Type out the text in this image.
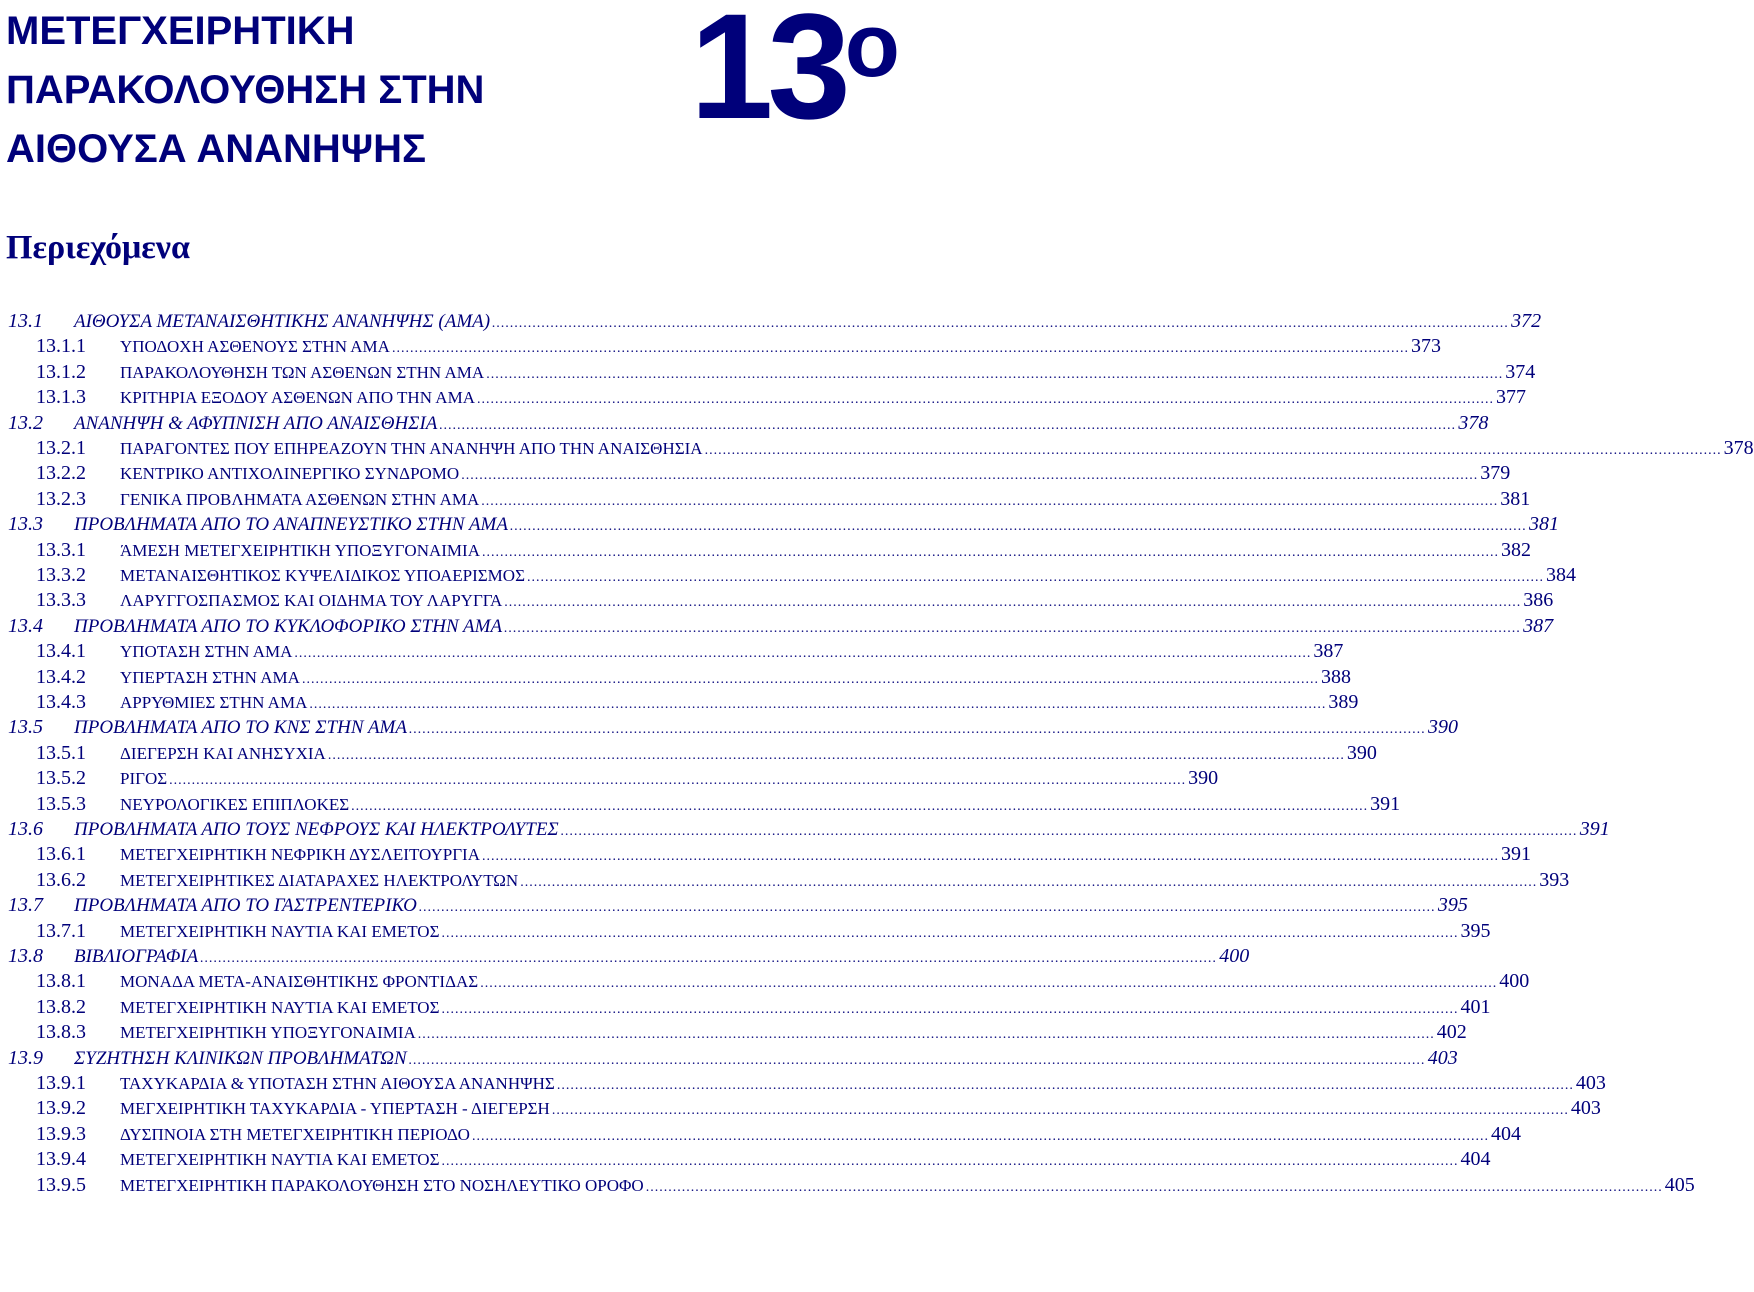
ΜΕΤΕΓΧΕΙΡΗΤΙΚΗ
ΠΑΡΑΚΟΛΟΥΘΗΣΗ ΣΤΗΝ
ΑΙΘΟΥΣΑ ΑΝΑΝΗΨΗΣ	$13^o$
Περιεχόμενα
13.1	ΑΙΘΟΥΣΑ ΜΕΤΑΝΑΙΣΘΗΤΙΚΗΣ ΑΝΑΝΗΨΗΣ (ΑΜΑ) .....	372
13.1.1	ΥΠΟΔΟΧΗ ΑΣΘΕΝΟΥΣ ΣΤΗΝ ΑΜΑ .....	373
13.1.2	ΠΑΡΑΚΟΛΟΥΘΗΣΗ ΤΩΝ ΑΣΘΕΝΩΝ ΣΤΗΝ ΑΜΑ .....	374
13.1.3	ΚΡΙΤΗΡΙΑ ΕΞΟΔΟΥ ΑΣΘΕΝΩΝ ΑΠΟ ΤΗΝ ΑΜΑ .....	377
13.2	ΑΝΑΝΗΨΗ & ΑΦΥΠΝΙΣΗ ΑΠΟ ΑΝΑΙΣΘΗΣΙΑ .....	378
13.2.1	ΠΑΡΑΓΟΝΤΕΣ ΠΟΥ ΕΠΗΡΕΑΖΟΥΝ ΤΗΝ ΑΝΑΝΗΨΗ ΑΠΟ ΤΗΝ ΑΝΑΙΣΘΗΣΙΑ .....	378
13.2.2	ΚΕΝΤΡΙΚΟ ΑΝΤΙΧΟΛΙΝΕΡΓΙΚΟ ΣΥΝΔΡΟΜΟ .....	379
13.2.3	ΓΕΝΙΚΑ ΠΡΟΒΛΗΜΑΤΑ ΑΣΘΕΝΩΝ ΣΤΗΝ ΑΜΑ .....	381
13.3	ΠΡΟΒΛΗΜΑΤΑ ΑΠΟ ΤΟ ΑΝΑΠΝΕΥΣΤΙΚΟ ΣΤΗΝ ΑΜΑ .....	381
13.3.1	ΆΜΕΣΗ ΜΕΤΕΓΧΕΙΡΗΤΙΚΗ ΥΠΟΞΥΓΟΝΑΙΜΙΑ .....	382
13.3.2	ΜΕΤΑΝΑΙΣΘΗΤΙΚΟΣ ΚΥΨΕΛΙΔΙΚΟΣ ΥΠΟΑΕΡΙΣΜΟΣ .....	384
13.3.3	ΛΑΡΥΓΓΟΣΠΑΣΜΟΣ ΚΑΙ ΟΙΔΗΜΑ ΤΟΥ ΛΑΡΥΓΓΑ .....	386
13.4	ΠΡΟΒΛΗΜΑΤΑ ΑΠΟ ΤΟ ΚΥΚΛΟΦΟΡΙΚΟ ΣΤΗΝ ΑΜΑ .....	387
13.4.1	ΥΠΟΤΑΣΗ ΣΤΗΝ ΑΜΑ .....	387
13.4.2	ΥΠΕΡΤΑΣΗ ΣΤΗΝ ΑΜΑ .....	388
13.4.3	ΑΡΡΥΘΜΙΕΣ ΣΤΗΝ ΑΜΑ .....	389
13.5	ΠΡΟΒΛΗΜΑΤΑ ΑΠΟ ΤΟ ΚΝΣ ΣΤΗΝ ΑΜΑ .....	390
13.5.1	ΔΙΕΓΕΡΣΗ ΚΑΙ ΑΝΗΣΥΧΙΑ .....	390
13.5.2	ΡΙΓΟΣ .....	390
13.5.3	ΝΕΥΡΟΛΟΓΙΚΕΣ ΕΠΙΠΛΟΚΕΣ .....	391
13.6	ΠΡΟΒΛΗΜΑΤΑ ΑΠΟ ΤΟΥΣ ΝΕΦΡΟΥΣ ΚΑΙ ΗΛΕΚΤΡΟΛΥΤΕΣ .....	391
13.6.1	ΜΕΤΕΓΧΕΙΡΗΤΙΚΗ ΝΕΦΡΙΚΗ ΔΥΣΛΕΙΤΟΥΡΓΙΑ .....	391
13.6.2	ΜΕΤΕΓΧΕΙΡΗΤΙΚΕΣ ΔΙΑΤΑΡΑΧΕΣ ΗΛΕΚΤΡΟΛΥΤΩΝ .....	393
13.7	ΠΡΟΒΛΗΜΑΤΑ ΑΠΟ ΤΟ ΓΑΣΤΡΕΝΤΕΡΙΚΟ .....	395
13.7.1	ΜΕΤΕΓΧΕΙΡΗΤΙΚΗ ΝΑΥΤΙΑ ΚΑΙ ΕΜΕΤΟΣ .....	395
13.8	ΒΙΒΛΙΟΓΡΑΦΙΑ .....	400
13.8.1	ΜΟΝΑΔΑ ΜΕΤΑ-ΑΝΑΙΣΘΗΤΙΚΗΣ ΦΡΟΝΤΙΔΑΣ .....	400
13.8.2	ΜΕΤΕΓΧΕΙΡΗΤΙΚΗ ΝΑΥΤΙΑ ΚΑΙ ΕΜΕΤΟΣ .....	401
13.8.3	ΜΕΤΕΓΧΕΙΡΗΤΙΚΗ ΥΠΟΞΥΓΟΝΑΙΜΙΑ .....	402
13.9	ΣΥΖΗΤΗΣΗ ΚΛΙΝΙΚΩΝ ΠΡΟΒΛΗΜΑΤΩΝ .....	403
13.9.1	ΤΑΧΥΚΑΡΔΙΑ & ΥΠΟΤΑΣΗ ΣΤΗΝ ΑΙΘΟΥΣΑ ΑΝΑΝΗΨΗΣ .....	403
13.9.2	ΜΕΓΧΕΙΡΗΤΙΚΗ ΤΑΧΥΚΑΡΔΙΑ - ΥΠΕΡΤΑΣΗ - ΔΙΕΓΕΡΣΗ .....	403
13.9.3	ΔΥΣΠΝΟΙΑ ΣΤΗ ΜΕΤΕΓΧΕΙΡΗΤΙΚΗ ΠΕΡΙΟΔΟ .....	404
13.9.4	ΜΕΤΕΓΧΕΙΡΗΤΙΚΗ ΝΑΥΤΙΑ ΚΑΙ ΕΜΕΤΟΣ .....	404
13.9.5	ΜΕΤΕΓΧΕΙΡΗΤΙΚΗ ΠΑΡΑΚΟΛΟΥΘΗΣΗ ΣΤΟ ΝΟΣΗΛΕΥΤΙΚΟ ΟΡΟΦΟ .....	405
